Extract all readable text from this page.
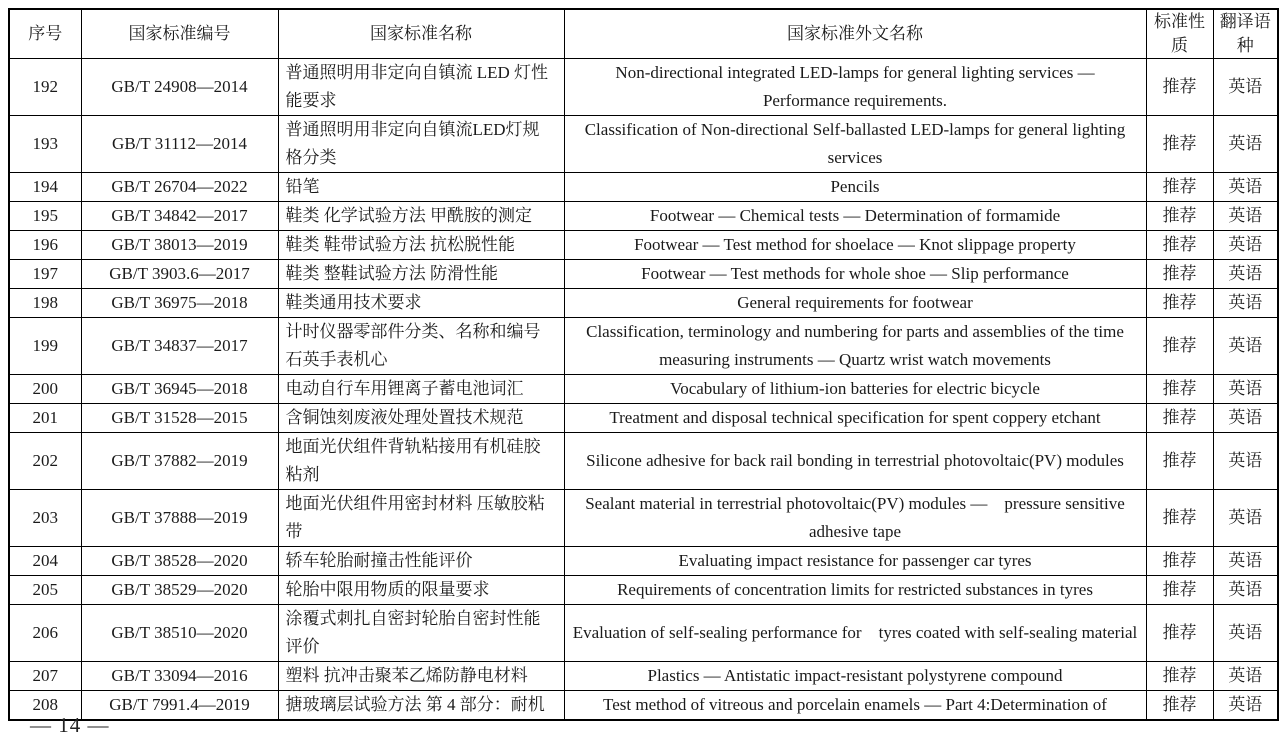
序号	国家标准编号	国家标准名称	国家标准外文名称	标准性质	翻译语种
192	GB/T 24908—2014	普通照明用非定向自镇流 LED 灯性能要求	Non-directional integrated LED-lamps for general lighting services — Performance requirements.	推荐	英语
193	GB/T 31112—2014	普通照明用非定向自镇流LED灯规格分类	Classification of Non-directional Self-ballasted LED-lamps for general lighting services	推荐	英语
194	GB/T 26704—2022	铅笔	Pencils	推荐	英语
195	GB/T 34842—2017	鞋类 化学试验方法 甲酰胺的测定	Footwear — Chemical tests — Determination of formamide	推荐	英语
196	GB/T 38013—2019	鞋类 鞋带试验方法 抗松脱性能	Footwear — Test method for shoelace — Knot slippage property	推荐	英语
197	GB/T 3903.6—2017	鞋类 整鞋试验方法 防滑性能	Footwear — Test methods for whole shoe — Slip performance	推荐	英语
198	GB/T 36975—2018	鞋类通用技术要求	General requirements for footwear	推荐	英语
199	GB/T 34837—2017	计时仪器零部件分类、名称和编号 石英手表机心	Classification, terminology and numbering for parts and assemblies of the time measuring instruments — Quartz wrist watch movements	推荐	英语
200	GB/T 36945—2018	电动自行车用锂离子蓄电池词汇	Vocabulary of lithium-ion batteries for electric bicycle	推荐	英语
201	GB/T 31528—2015	含铜蚀刻废液处理处置技术规范	Treatment and disposal technical specification for spent coppery etchant	推荐	英语
202	GB/T 37882—2019	地面光伏组件背轨粘接用有机硅胶粘剂	Silicone adhesive for back rail bonding in terrestrial photovoltaic(PV) modules	推荐	英语
203	GB/T 37888—2019	地面光伏组件用密封材料 压敏胶粘带	Sealant material in terrestrial photovoltaic(PV) modules —    pressure sensitive adhesive tape	推荐	英语
204	GB/T 38528—2020	轿车轮胎耐撞击性能评价	Evaluating impact resistance for passenger car tyres	推荐	英语
205	GB/T 38529—2020	轮胎中限用物质的限量要求	Requirements of concentration limits for restricted substances in tyres	推荐	英语
206	GB/T 38510—2020	涂覆式刺扎自密封轮胎自密封性能评价	Evaluation of self-sealing performance for    tyres coated with self-sealing material	推荐	英语
207	GB/T 33094—2016	塑料 抗冲击聚苯乙烯防静电材料	Plastics — Antistatic impact-resistant polystyrene compound	推荐	英语
208	GB/T 7991.4—2019	搪玻璃层试验方法 第 4 部分：耐机	Test method of vitreous and porcelain enamels — Part 4:Determination of	推荐	英语
— 14 —
